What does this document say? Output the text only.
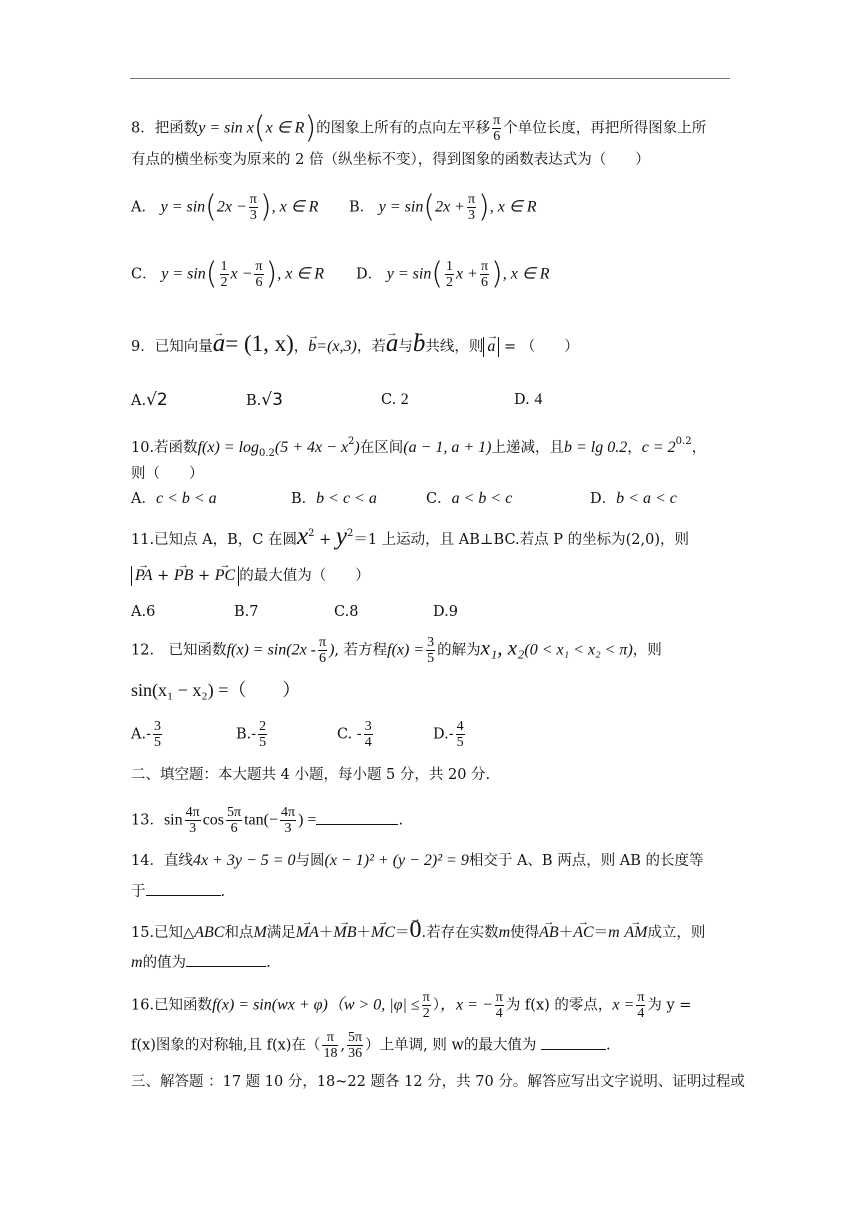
8．把函数y = sin x(x ∈ R)的图象上所有的点向左平移 $\frac{\pi}{6}$ 个单位长度，再把所得图象上所
有点的横坐标变为原来的 2 倍（纵坐标不变），得到图象的函数表达式为（　　）
A． $y = \sin(2x - \frac{\pi}{3}$ ), x ∈ R B． $y = \sin(2x + \frac{\pi}{3}$ ), x ∈ R
C． $y = \sin( \frac{1}{2}$ $x - \frac{\pi}{6}$ ), x ∈ R D． $y = \sin( \frac{1}{2}$ $x + \frac{\pi}{6}$ ), x ∈ R
9．已知向量→ a= (1, x)，→ b=(x,3)，若→ a与→ b共线，则 → a = （　　）
A.√2	B.√3	C. 2	D. 4
10.若函数$f(x) = \log_{0.2}(5 + 4x - x^2)$在区间(a − 1, a + 1)上递减，且b = lg 0.2，$c = 2^{0.2}$，
则（　　）
A．c < b < a	B．b < c < a	C．a < b < c	D．b < a < c
11.已知点 A，B，C 在圆$x^2 + y^2=1$ 上运动，且 AB⊥BC.若点 P 的坐标为(2,0)，则
→ PA + → PB + → PC 的最大值为（　　）
A.6	B.7	C.8	D.9
12.　已知函数$f(x) = \sin(2x - \frac{\pi}{6}$ ), 若方程$f(x) = \frac{3}{5}$ 的解为x₁, x₂(0 < x₁ < x₂ < π)，则
sin(x₁ − x₂) =（　　）
$A.- \frac{3}{5}$	$B.- \frac{2}{5}$	C. - $\frac{3}{4}$	$D.- \frac{4}{5}$
二、填空题：本大题共 4 小题，每小题 5 分，共 20 分.
13．$\sin \frac{4\pi}{3}$ $\cos \frac{5\pi}{6} \tan(- \frac{4\pi}{3}$ ) =	.
14．直线4x + 3y − 5 = 0与圆(x − 1)² + (y − 2)² = 9相交于 A、B 两点，则 AB 的长度等
于	.
15.已知△ABC和点M满足→ MA＋→ MB＋→ MC＝→ 0.若存在实数m使得→ AB＋→ AC＝m → AM成立，则
m的值为	.
16.已知函数f(x) = sin(wx + φ)（w > 0, $|\varphi| \le \frac{\pi}{2}$ ），x = − $\frac{\pi}{4}$ 为 f(x) 的零点，$x = \frac{\pi}{4}$ 为 y =
f(x)图象的对称轴,且 f(x)在（ $\frac{\pi}{18}$ , $\frac{5\pi}{36}$ ）上单调, 则 w的最大值为	.
三、解答题 ：17 题 10 分，18~22 题各 12 分，共 70 分。解答应写出文字说明、证明过程或
